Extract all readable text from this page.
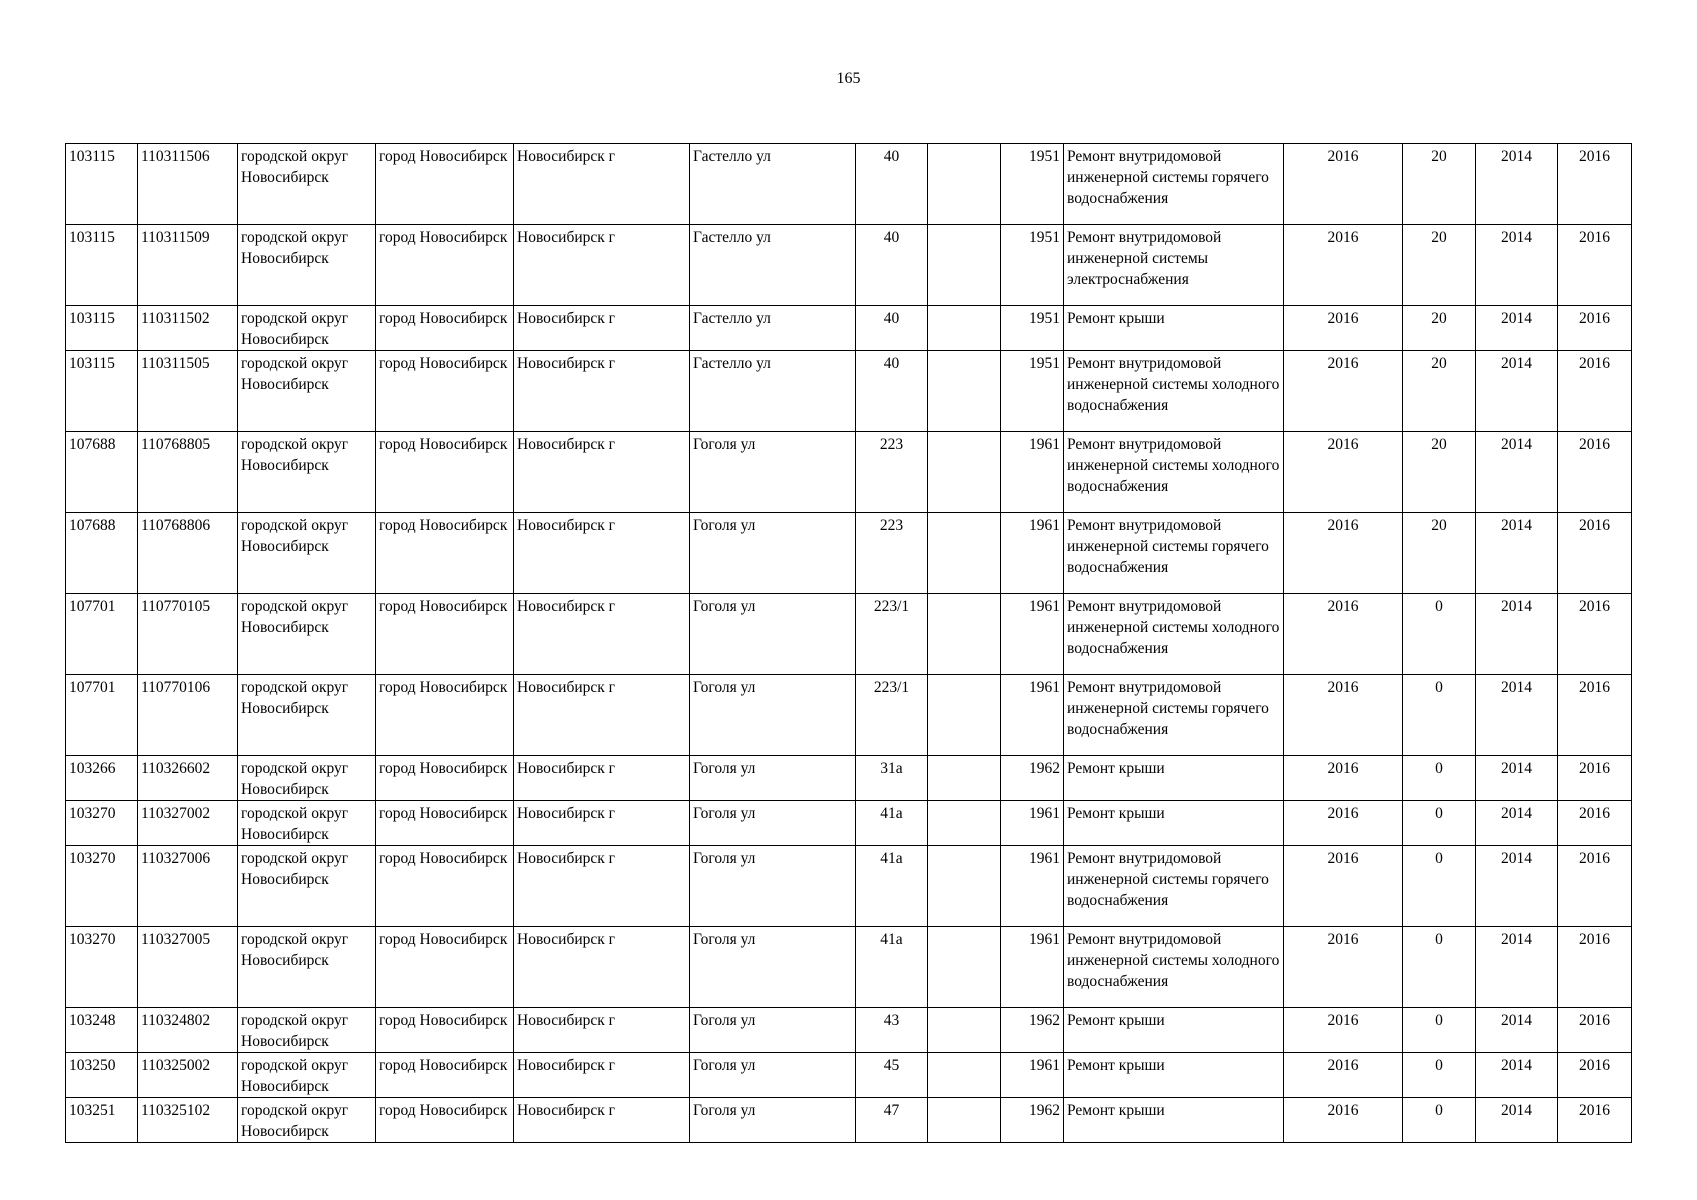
165
103115	110311506	городской округ Новосибирск	город Новосибирск	Новосибирск г	Гастелло ул	40		1951	Ремонт внутридомовой инженерной системы горячего водоснабжения	2016	20	2014	2016
103115	110311509	городской округ Новосибирск	город Новосибирск	Новосибирск г	Гастелло ул	40		1951	Ремонт внутридомовой инженерной системы электроснабжения	2016	20	2014	2016
103115	110311502	городской округ Новосибирск	город Новосибирск	Новосибирск г	Гастелло ул	40		1951	Ремонт крыши	2016	20	2014	2016
103115	110311505	городской округ Новосибирск	город Новосибирск	Новосибирск г	Гастелло ул	40		1951	Ремонт внутридомовой инженерной системы холодного водоснабжения	2016	20	2014	2016
107688	110768805	городской округ Новосибирск	город Новосибирск	Новосибирск г	Гоголя ул	223		1961	Ремонт внутридомовой инженерной системы холодного водоснабжения	2016	20	2014	2016
107688	110768806	городской округ Новосибирск	город Новосибирск	Новосибирск г	Гоголя ул	223		1961	Ремонт внутридомовой инженерной системы горячего водоснабжения	2016	20	2014	2016
107701	110770105	городской округ Новосибирск	город Новосибирск	Новосибирск г	Гоголя ул	223/1		1961	Ремонт внутридомовой инженерной системы холодного водоснабжения	2016	0	2014	2016
107701	110770106	городской округ Новосибирск	город Новосибирск	Новосибирск г	Гоголя ул	223/1		1961	Ремонт внутридомовой инженерной системы горячего водоснабжения	2016	0	2014	2016
103266	110326602	городской округ Новосибирск	город Новосибирск	Новосибирск г	Гоголя ул	31а		1962	Ремонт крыши	2016	0	2014	2016
103270	110327002	городской округ Новосибирск	город Новосибирск	Новосибирск г	Гоголя ул	41а		1961	Ремонт крыши	2016	0	2014	2016
103270	110327006	городской округ Новосибирск	город Новосибирск	Новосибирск г	Гоголя ул	41а		1961	Ремонт внутридомовой инженерной системы горячего водоснабжения	2016	0	2014	2016
103270	110327005	городской округ Новосибирск	город Новосибирск	Новосибирск г	Гоголя ул	41а		1961	Ремонт внутридомовой инженерной системы холодного водоснабжения	2016	0	2014	2016
103248	110324802	городской округ Новосибирск	город Новосибирск	Новосибирск г	Гоголя ул	43		1962	Ремонт крыши	2016	0	2014	2016
103250	110325002	городской округ Новосибирск	город Новосибирск	Новосибирск г	Гоголя ул	45		1961	Ремонт крыши	2016	0	2014	2016
103251	110325102	городской округ Новосибирск	город Новосибирск	Новосибирск г	Гоголя ул	47		1962	Ремонт крыши	2016	0	2014	2016
